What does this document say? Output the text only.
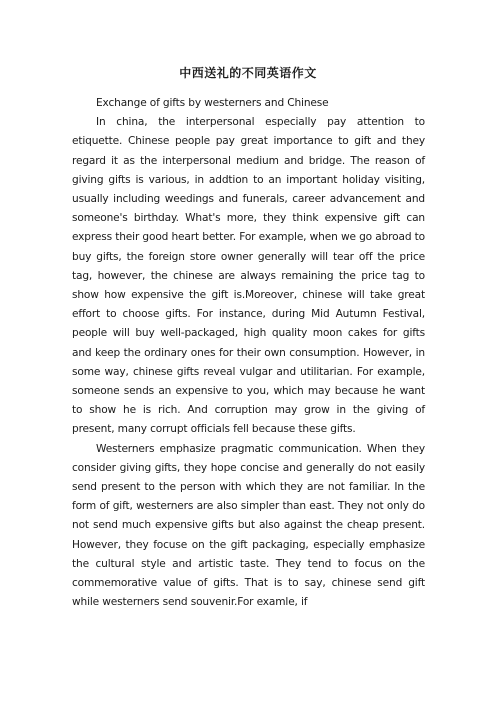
中西送礼的不同英语作文

Exchange of gifts by westerners and Chinese

In china, the interpersonal especially pay attention to etiquette. Chinese people pay great importance to gift and they regard it as the interpersonal medium and bridge. The reason of giving gifts is various, in addtion to an important holiday visiting, usually including weedings and funerals, career advancement and someone's birthday. What's more, they think expensive gift can express their good heart better. For example, when we go abroad to buy gifts, the foreign store owner generally will tear off the price tag, however, the chinese are always remaining the price tag to show how expensive the gift is.Moreover, chinese will take great effort to choose gifts. For instance, during Mid Autumn Festival, people will buy well-packaged, high quality moon cakes for gifts and keep the ordinary ones for their own consumption. However, in some way, chinese gifts reveal vulgar and utilitarian. For example, someone sends an expensive to you, which may because he want to show he is rich. And corruption may grow in the giving of present, many corrupt officials fell because these gifts.

Westerners emphasize pragmatic communication. When they consider giving gifts, they hope concise and generally do not easily send present to the person with which they are not familiar. In the form of gift, westerners are also simpler than east. They not only do not send much expensive gifts but also against the cheap present. However, they focuse on the gift packaging, especially emphasize the cultural style and artistic taste. They tend to focus on the commemorative value of gifts. That is to say, chinese send gift while westerners send souvenir.For examle, if
